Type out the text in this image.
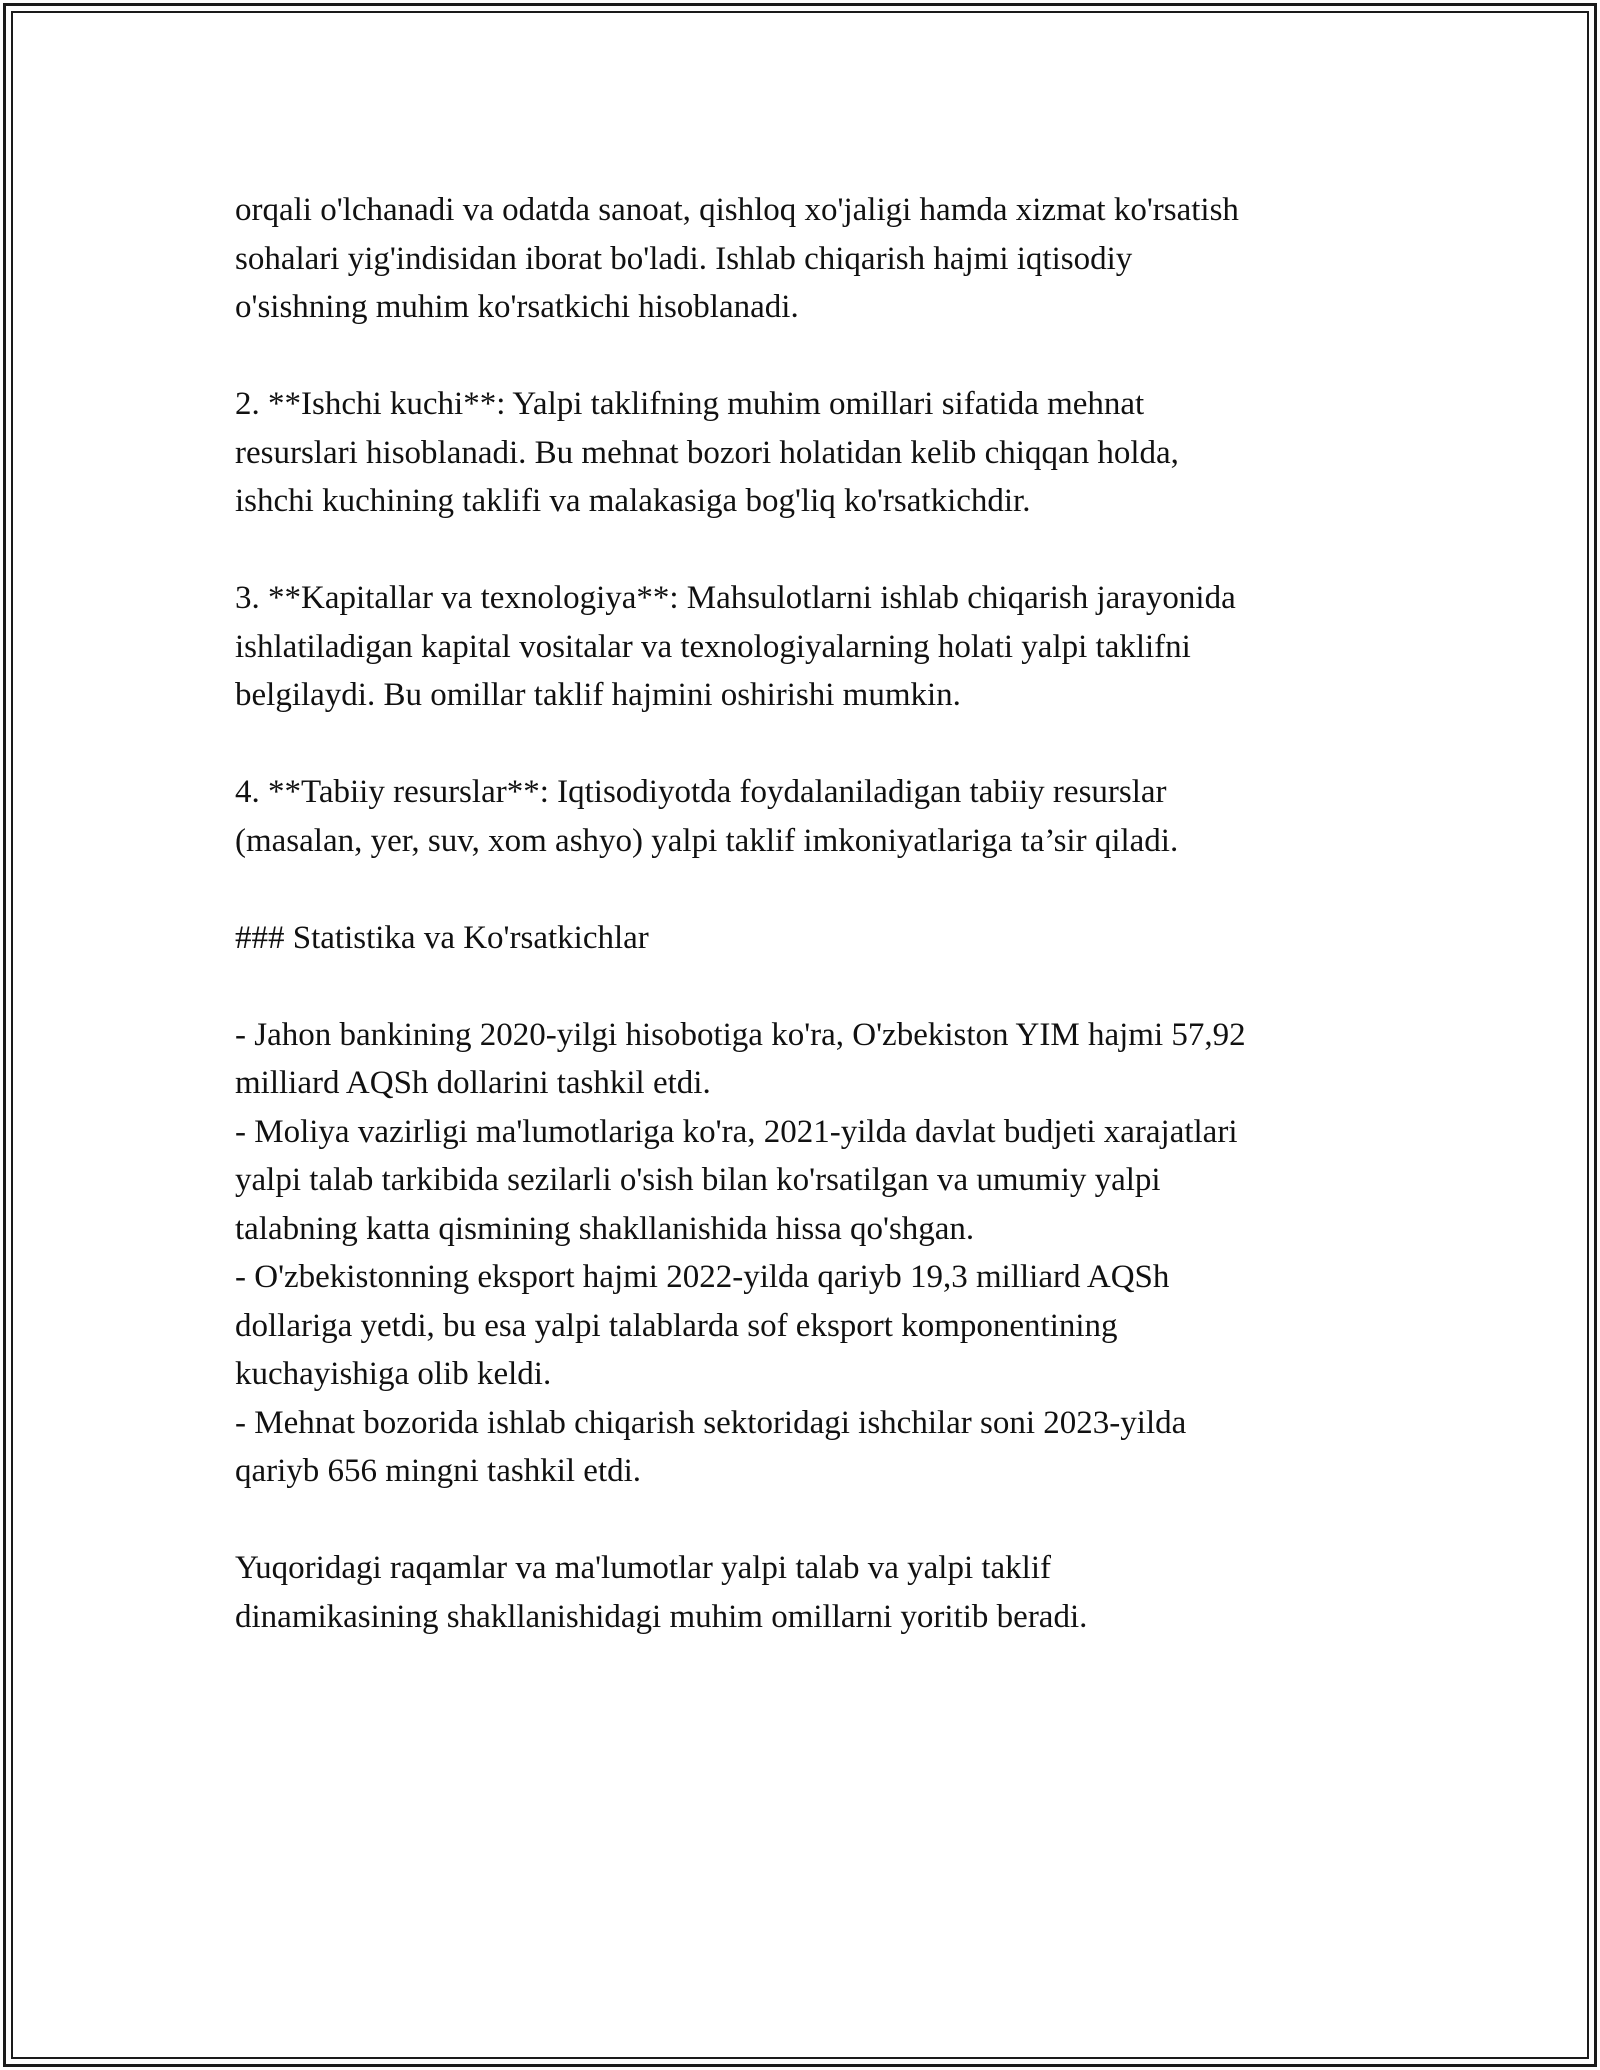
orqali o'lchanadi va odatda sanoat, qishloq xo'jaligi hamda xizmat ko'rsatish
sohalari yig'indisidan iborat bo'ladi. Ishlab chiqarish hajmi iqtisodiy
o'sishning muhim ko'rsatkichi hisoblanadi.
2. **Ishchi kuchi**: Yalpi taklifning muhim omillari sifatida mehnat
resurslari hisoblanadi. Bu mehnat bozori holatidan kelib chiqqan holda,
ishchi kuchining taklifi va malakasiga bog'liq ko'rsatkichdir.
3. **Kapitallar va texnologiya**: Mahsulotlarni ishlab chiqarish jarayonida
ishlatiladigan kapital vositalar va texnologiyalarning holati yalpi taklifni
belgilaydi. Bu omillar taklif hajmini oshirishi mumkin.
4. **Tabiiy resurslar**: Iqtisodiyotda foydalaniladigan tabiiy resurslar
(masalan, yer, suv, xom ashyo) yalpi taklif imkoniyatlariga ta’sir qiladi.
### Statistika va Ko'rsatkichlar
- Jahon bankining 2020-yilgi hisobotiga ko'ra, O'zbekiston YIM hajmi 57,92
milliard AQSh dollarini tashkil etdi.
- Moliya vazirligi ma'lumotlariga ko'ra, 2021-yilda davlat budjeti xarajatlari
yalpi talab tarkibida sezilarli o'sish bilan ko'rsatilgan va umumiy yalpi
talabning katta qismining shakllanishida hissa qo'shgan.
- O'zbekistonning eksport hajmi 2022-yilda qariyb 19,3 milliard AQSh
dollariga yetdi, bu esa yalpi talablarda sof eksport komponentining
kuchayishiga olib keldi.
- Mehnat bozorida ishlab chiqarish sektoridagi ishchilar soni 2023-yilda
qariyb 656 mingni tashkil etdi.
Yuqoridagi raqamlar va ma'lumotlar yalpi talab va yalpi taklif
dinamikasining shakllanishidagi muhim omillarni yoritib beradi.
